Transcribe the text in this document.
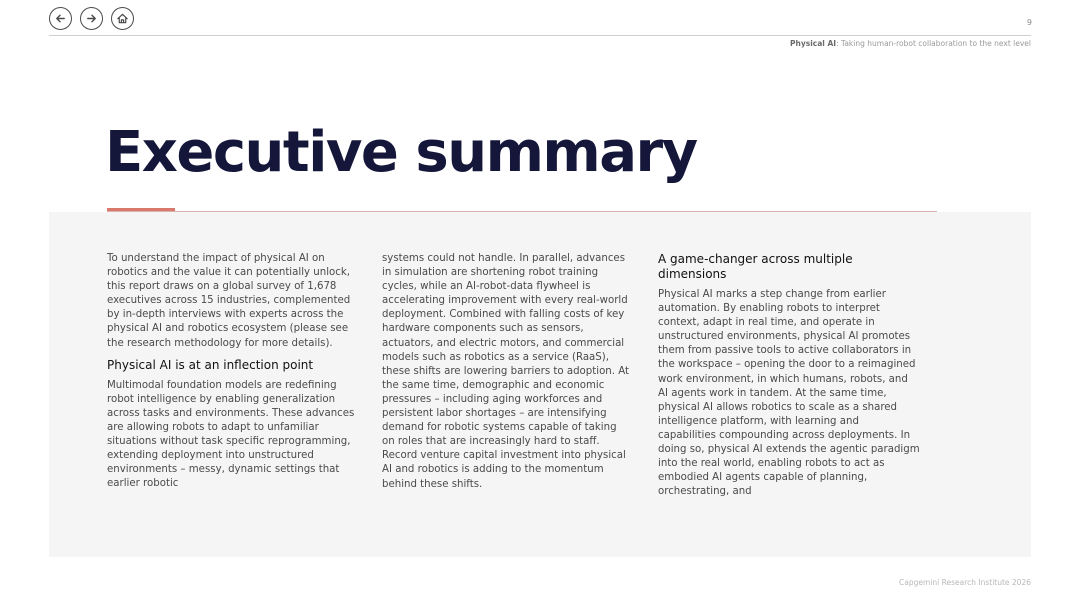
9
Physical AI: Taking human-robot collaboration to the next level
Executive summary

To understand the impact of physical AI on robotics and the value it can potentially unlock, this report draws on a global survey of 1,678 executives across 15 industries, complemented by in-depth interviews with experts across the physical AI and robotics ecosystem (please see the research methodology for more details).

Physical AI is at an inflection point

Multimodal foundation models are redefining robot intelligence by enabling generalization across tasks and environments. These advances are allowing robots to adapt to unfamiliar situations without task specific reprogramming, extending deployment into unstructured environments – messy, dynamic settings that earlier robotic

systems could not handle. In parallel, advances in simulation are shortening robot training cycles, while an AI-robot-data flywheel is accelerating improvement with every real-world deployment. Combined with falling costs of key hardware components such as sensors, actuators, and electric motors, and commercial models such as robotics as a service (RaaS), these shifts are lowering barriers to adoption. At the same time, demographic and economic pressures – including aging workforces and persistent labor shortages – are intensifying demand for robotic systems capable of taking on roles that are increasingly hard to staff. Record venture capital investment into physical AI and robotics is adding to the momentum behind these shifts.

A game-changer across multiple dimensions

Physical AI marks a step change from earlier automation. By enabling robots to interpret context, adapt in real time, and operate in unstructured environments, physical AI promotes them from passive tools to active collaborators in the workspace – opening the door to a reimagined work environment, in which humans, robots, and AI agents work in tandem. At the same time, physical AI allows robotics to scale as a shared intelligence platform, with learning and capabilities compounding across deployments. In doing so, physical AI extends the agentic paradigm into the real world, enabling robots to act as embodied AI agents capable of planning, orchestrating, and

Capgemini Research Institute 2026
